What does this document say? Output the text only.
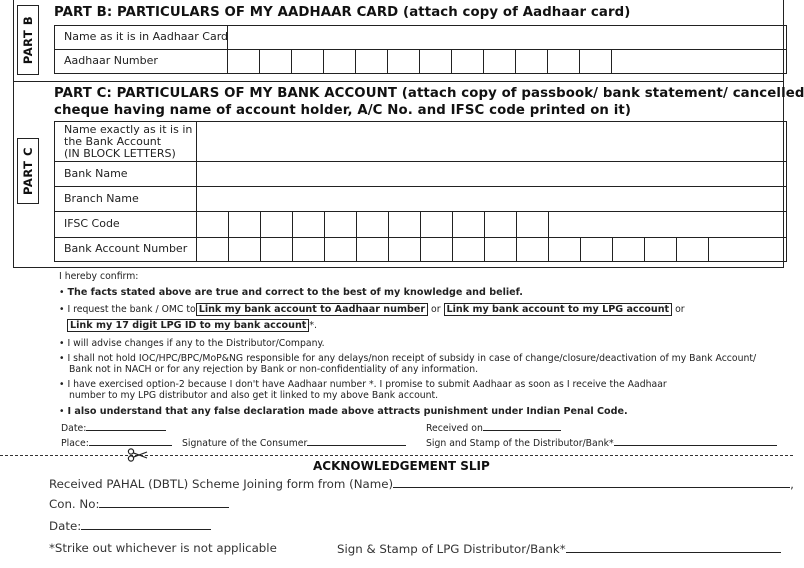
PART B
PART B: PARTICULARS OF MY AADHAAR CARD (attach copy of Aadhaar card)
Name as it is in Aadhaar Card
Aadhaar Number
PART C
PART C: PARTICULARS OF MY BANK ACCOUNT (attach copy of passbook/ bank statement/ cancelled
cheque having name of account holder, A/C No. and IFSC code printed on it)
Name exactly as it is in
the Bank Account
(IN BLOCK LETTERS)
Bank Name
Branch Name
IFSC Code
Bank Account Number
I hereby confirm:
• The facts stated above are true and correct to the best of my knowledge and belief.
• I request the bank / OMC to Link my bank account to Aadhaar number or Link my bank account to my LPG account or
Link my 17 digit LPG ID to my bank account *.
• I will advise changes if any to the Distributor/Company.
• I shall not hold IOC/HPC/BPC/MoP&NG responsible for any delays/non receipt of subsidy in case of change/closure/deactivation of my Bank Account/
Bank not in NACH or for any rejection by Bank or non-confidentiality of any information.
• I have exercised option-2 because I don't have Aadhaar number *. I promise to submit Aadhaar as soon as I receive the Aadhaar
number to my LPG distributor and also get it linked to my above Bank account.
• I also understand that any false declaration made above attracts punishment under Indian Penal Code.
Date:	Received on
Place:	Signature of the Consumer	Sign and Stamp of the Distributor/Bank*
ACKNOWLEDGEMENT SLIP
Received PAHAL (DBTL) Scheme Joining form from (Name)	,
Con. No:
Date:
*Strike out whichever is not applicable	Sign & Stamp of LPG Distributor/Bank*
